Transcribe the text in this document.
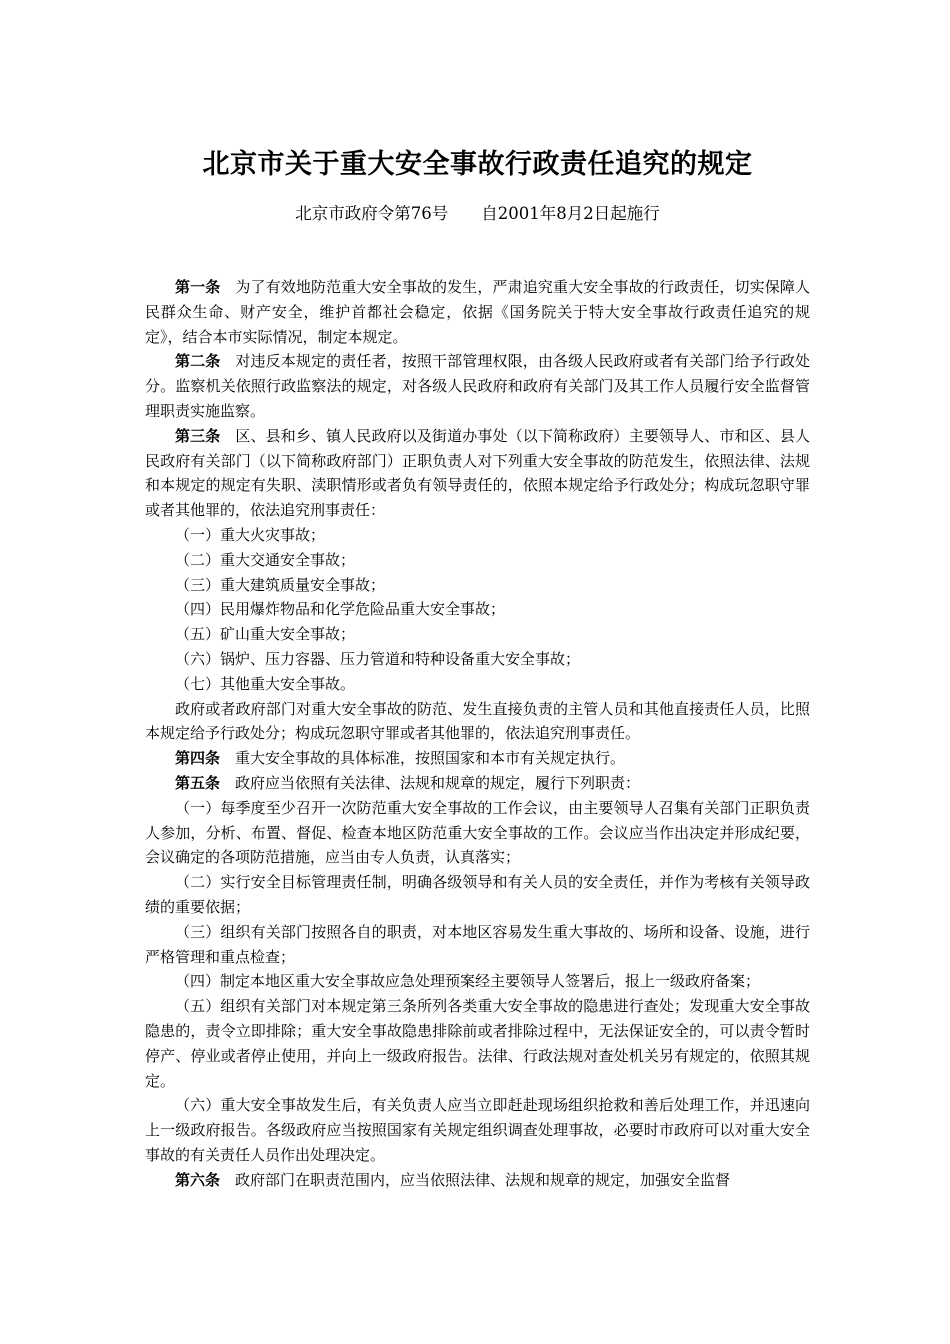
北京市关于重大安全事故行政责任追究的规定
北京市政府令第76号　　自2001年8月2日起施行

第一条 为了有效地防范重大安全事故的发生，严肃追究重大安全事故的行政责任，切实保障人民群众生命、财产安全，维护首都社会稳定，依据《国务院关于特大安全事故行政责任追究的规定》，结合本市实际情况，制定本规定。

第二条 对违反本规定的责任者，按照干部管理权限，由各级人民政府或者有关部门给予行政处分。监察机关依照行政监察法的规定，对各级人民政府和政府有关部门及其工作人员履行安全监督管理职责实施监察。

第三条 区、县和乡、镇人民政府以及街道办事处（以下简称政府）主要领导人、市和区、县人民政府有关部门（以下简称政府部门）正职负责人对下列重大安全事故的防范发生，依照法律、法规和本规定的规定有失职、渎职情形或者负有领导责任的，依照本规定给予行政处分；构成玩忽职守罪或者其他罪的，依法追究刑事责任：

（一）重大火灾事故；

（二）重大交通安全事故；

（三）重大建筑质量安全事故；

（四）民用爆炸物品和化学危险品重大安全事故；

（五）矿山重大安全事故；

（六）锅炉、压力容器、压力管道和特种设备重大安全事故；

（七）其他重大安全事故。

政府或者政府部门对重大安全事故的防范、发生直接负责的主管人员和其他直接责任人员，比照本规定给予行政处分；构成玩忽职守罪或者其他罪的，依法追究刑事责任。

第四条 重大安全事故的具体标准，按照国家和本市有关规定执行。

第五条 政府应当依照有关法律、法规和规章的规定，履行下列职责：

（一）每季度至少召开一次防范重大安全事故的工作会议，由主要领导人召集有关部门正职负责人参加，分析、布置、督促、检查本地区防范重大安全事故的工作。会议应当作出决定并形成纪要，会议确定的各项防范措施，应当由专人负责，认真落实；

（二）实行安全目标管理责任制，明确各级领导和有关人员的安全责任，并作为考核有关领导政绩的重要依据；

（三）组织有关部门按照各自的职责，对本地区容易发生重大事故的、场所和设备、设施，进行严格管理和重点检查；

（四）制定本地区重大安全事故应急处理预案经主要领导人签署后，报上一级政府备案；

（五）组织有关部门对本规定第三条所列各类重大安全事故的隐患进行查处；发现重大安全事故隐患的，责令立即排除；重大安全事故隐患排除前或者排除过程中，无法保证安全的，可以责令暂时停产、停业或者停止使用，并向上一级政府报告。法律、行政法规对查处机关另有规定的，依照其规定。

（六）重大安全事故发生后，有关负责人应当立即赶赴现场组织抢救和善后处理工作，并迅速向上一级政府报告。各级政府应当按照国家有关规定组织调查处理事故，必要时市政府可以对重大安全事故的有关责任人员作出处理决定。

第六条 政府部门在职责范围内，应当依照法律、法规和规章的规定，加强安全监督
